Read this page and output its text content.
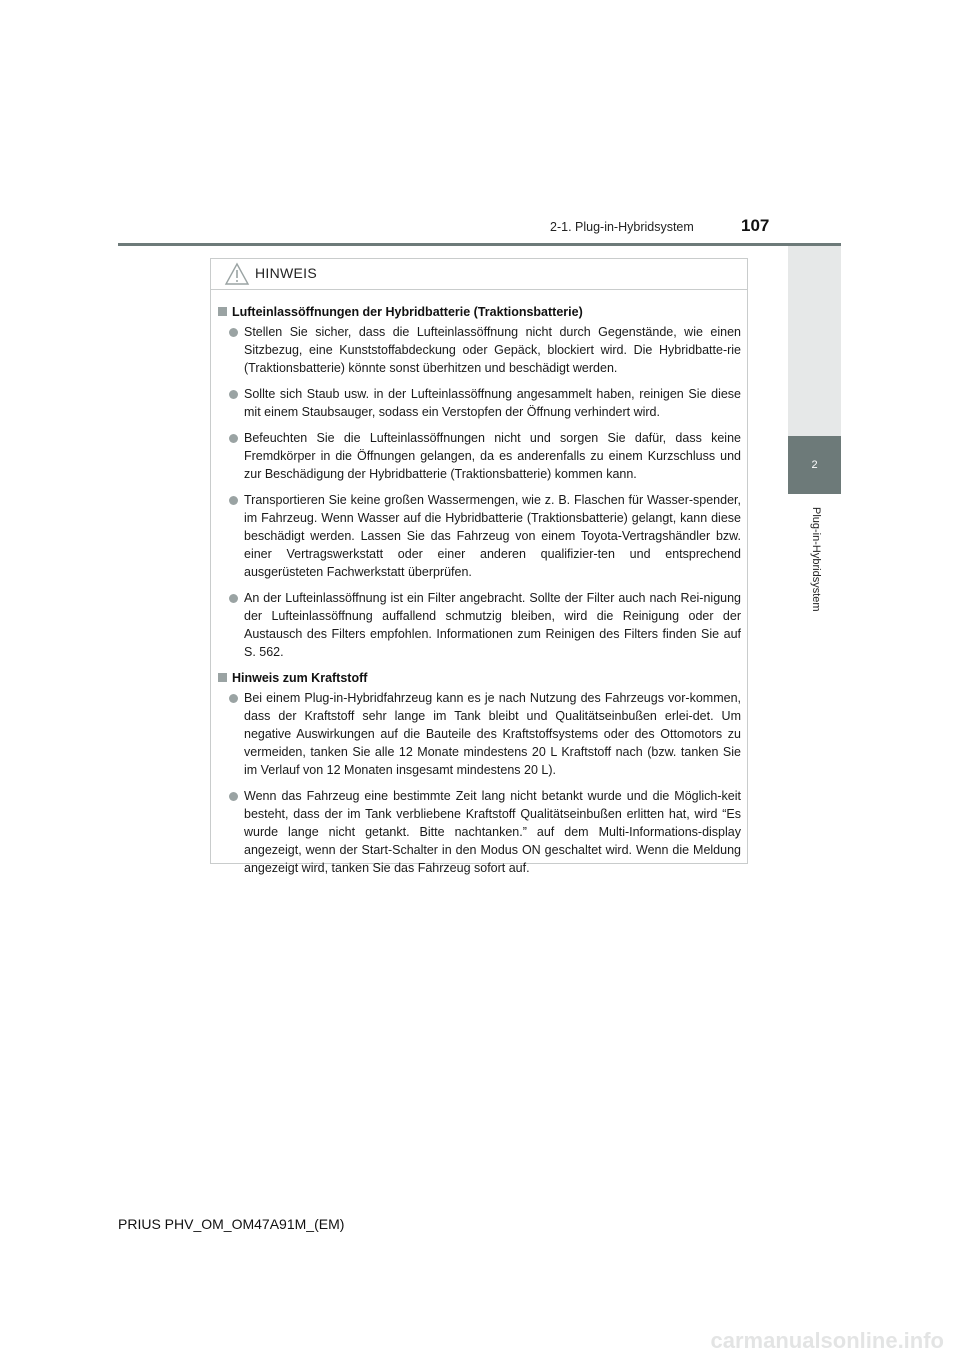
2-1. Plug-in-Hybridsystem	107
2
Plug-in-Hybridsystem
HINWEIS
Lufteinlassöffnungen der Hybridbatterie (Traktionsbatterie)
Stellen Sie sicher, dass die Lufteinlassöffnung nicht durch Gegenstände, wie einen Sitzbezug, eine Kunststoffabdeckung oder Gepäck, blockiert wird. Die Hybridbatte-rie (Traktionsbatterie) könnte sonst überhitzen und beschädigt werden.
Sollte sich Staub usw. in der Lufteinlassöffnung angesammelt haben, reinigen Sie diese mit einem Staubsauger, sodass ein Verstopfen der Öffnung verhindert wird.
Befeuchten Sie die Lufteinlassöffnungen nicht und sorgen Sie dafür, dass keine Fremdkörper in die Öffnungen gelangen, da es anderenfalls zu einem Kurzschluss und zur Beschädigung der Hybridbatterie (Traktionsbatterie) kommen kann.
Transportieren Sie keine großen Wassermengen, wie z. B. Flaschen für Wasser-spender, im Fahrzeug. Wenn Wasser auf die Hybridbatterie (Traktionsbatterie) gelangt, kann diese beschädigt werden. Lassen Sie das Fahrzeug von einem Toyota-Vertragshändler bzw. einer Vertragswerkstatt oder einer anderen qualifizier-ten und entsprechend ausgerüsteten Fachwerkstatt überprüfen.
An der Lufteinlassöffnung ist ein Filter angebracht. Sollte der Filter auch nach Rei-nigung der Lufteinlassöffnung auffallend schmutzig bleiben, wird die Reinigung oder der Austausch des Filters empfohlen. Informationen zum Reinigen des Filters finden Sie auf S. 562.
Hinweis zum Kraftstoff
Bei einem Plug-in-Hybridfahrzeug kann es je nach Nutzung des Fahrzeugs vor-kommen, dass der Kraftstoff sehr lange im Tank bleibt und Qualitätseinbußen erlei-det. Um negative Auswirkungen auf die Bauteile des Kraftstoffsystems oder des Ottomotors zu vermeiden, tanken Sie alle 12 Monate mindestens 20 L Kraftstoff nach (bzw. tanken Sie im Verlauf von 12 Monaten insgesamt mindestens 20 L).
Wenn das Fahrzeug eine bestimmte Zeit lang nicht betankt wurde und die Möglich-keit besteht, dass der im Tank verbliebene Kraftstoff Qualitätseinbußen erlitten hat, wird “Es wurde lange nicht getankt. Bitte nachtanken.” auf dem Multi-Informations-display angezeigt, wenn der Start-Schalter in den Modus ON geschaltet wird. Wenn die Meldung angezeigt wird, tanken Sie das Fahrzeug sofort auf.
PRIUS PHV_OM_OM47A91M_(EM)
carmanualsonline.info
